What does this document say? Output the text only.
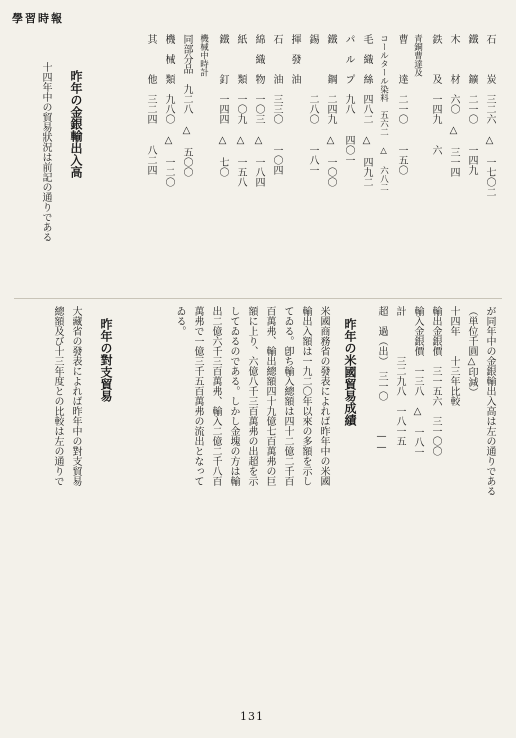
學習時報
石　　　炭　三二六 △ 一七〇二
鐵　　　鑛　二一〇 　一四九
木　　　材　六〇 △ 三一四
鉄　　　及　一四九 　六
青銅曹達及　　　　　
曹　　　達　二一〇 　一五〇
コールタール染料　五六二 △ 六八二
毛　織　絲　四八二 △ 四九二
パ　ル　プ　九八 　四〇一
鐵　　　鋼　二四九 △ 一〇〇
錫　　　　　二八〇 　一八一
揮　發　油　　　　　
石　　　油　三三〇 　一〇四
綿　織　物　一〇三 △ 一八四
紙　　　類　一〇九 △ 一五八
鐵　　　釘　一四四 △ 七〇
機械中時計　　　　　
同部分品　九二八 △ 五〇〇
機　械　類　九八〇 △ 一二〇
其　　　他　三二四 　八二四
昨年の金銀輸出入高
十四年中の貿易狀況は前記の通りである
が同年中の金銀輸出入高は左の通りである
（単位千圓△印減）
十四年　　十三年比較
輸出金銀價　三一五六　三一〇〇
輸入金銀價　一三八　△　一八一
計　　　　三二九八　一八一五
超　過（出）　三一〇　　　——
昨年の米國貿易成績
米國商務省の發表によれば昨年中の米國
輸出入額は一九二〇年以來の多額を示し
てゐる。卽ち輸入總額は四十二億二千百
百萬弗、輸出總額四十九億七百萬弗の巨
額に上り、六億八千三百萬弗の出超を示
してゐるのである。しかし金塊の方は輸
出二億六千三百萬弗、輸入二億二千八百
萬弗で一億三千五百萬弗の流出となって
ゐる。
昨年の對支貿易
大藏省の發表によれば昨年中の對支貿易
總額及び十三年度との比較は左の通りで
131
